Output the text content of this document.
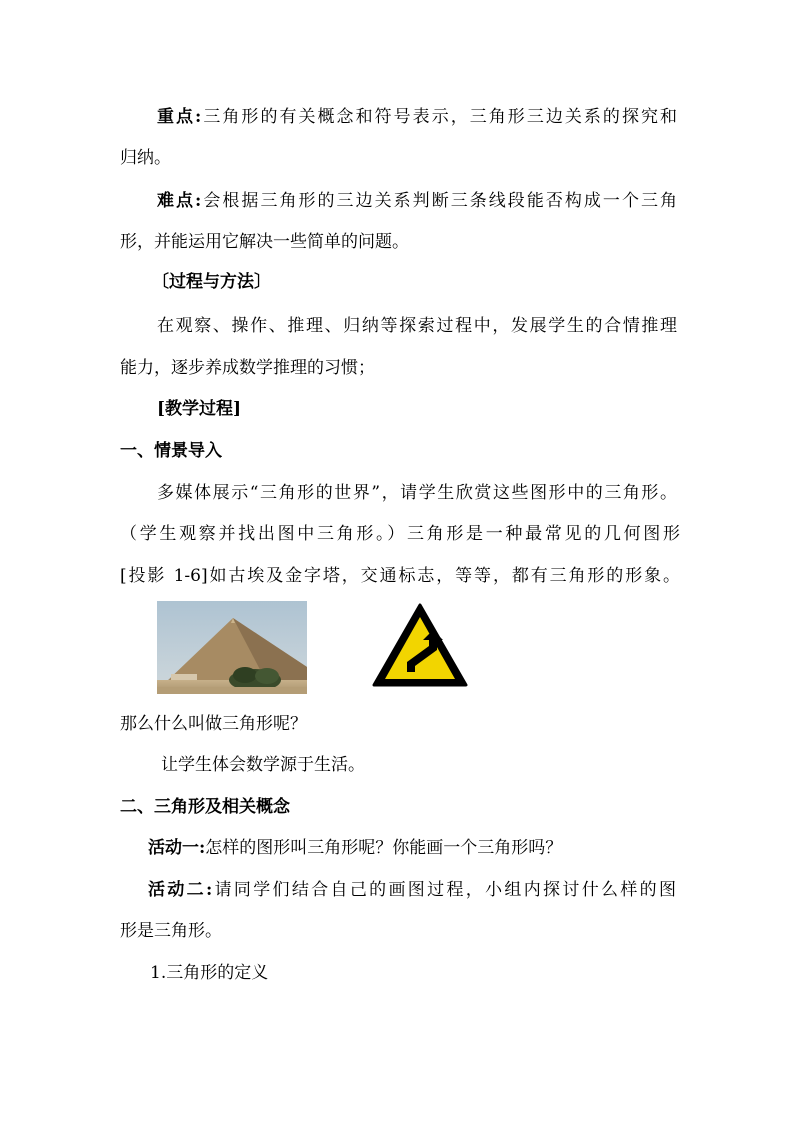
重点:三角形的有关概念和符号表示，三角形三边关系的探究和
归纳。
难点:会根据三角形的三边关系判断三条线段能否构成一个三角
形，并能运用它解决一些简单的问题。
〔过程与方法〕
在观察、操作、推理、归纳等探索过程中，发展学生的合情推理
能力，逐步养成数学推理的习惯；
[教学过程]
一、情景导入
多媒体展示“三角形的世界”，请学生欣赏这些图形中的三角形。
（学生观察并找出图中三角形。）三角形是一种最常见的几何图形
[投影 1-6]如古埃及金字塔，交通标志，等等，都有三角形的形象。
那么什么叫做三角形呢？
让学生体会数学源于生活。
二、三角形及相关概念
活动一:怎样的图形叫三角形呢？你能画一个三角形吗？
活动二:请同学们结合自己的画图过程，小组内探讨什么样的图
形是三角形。
1.三角形的定义
